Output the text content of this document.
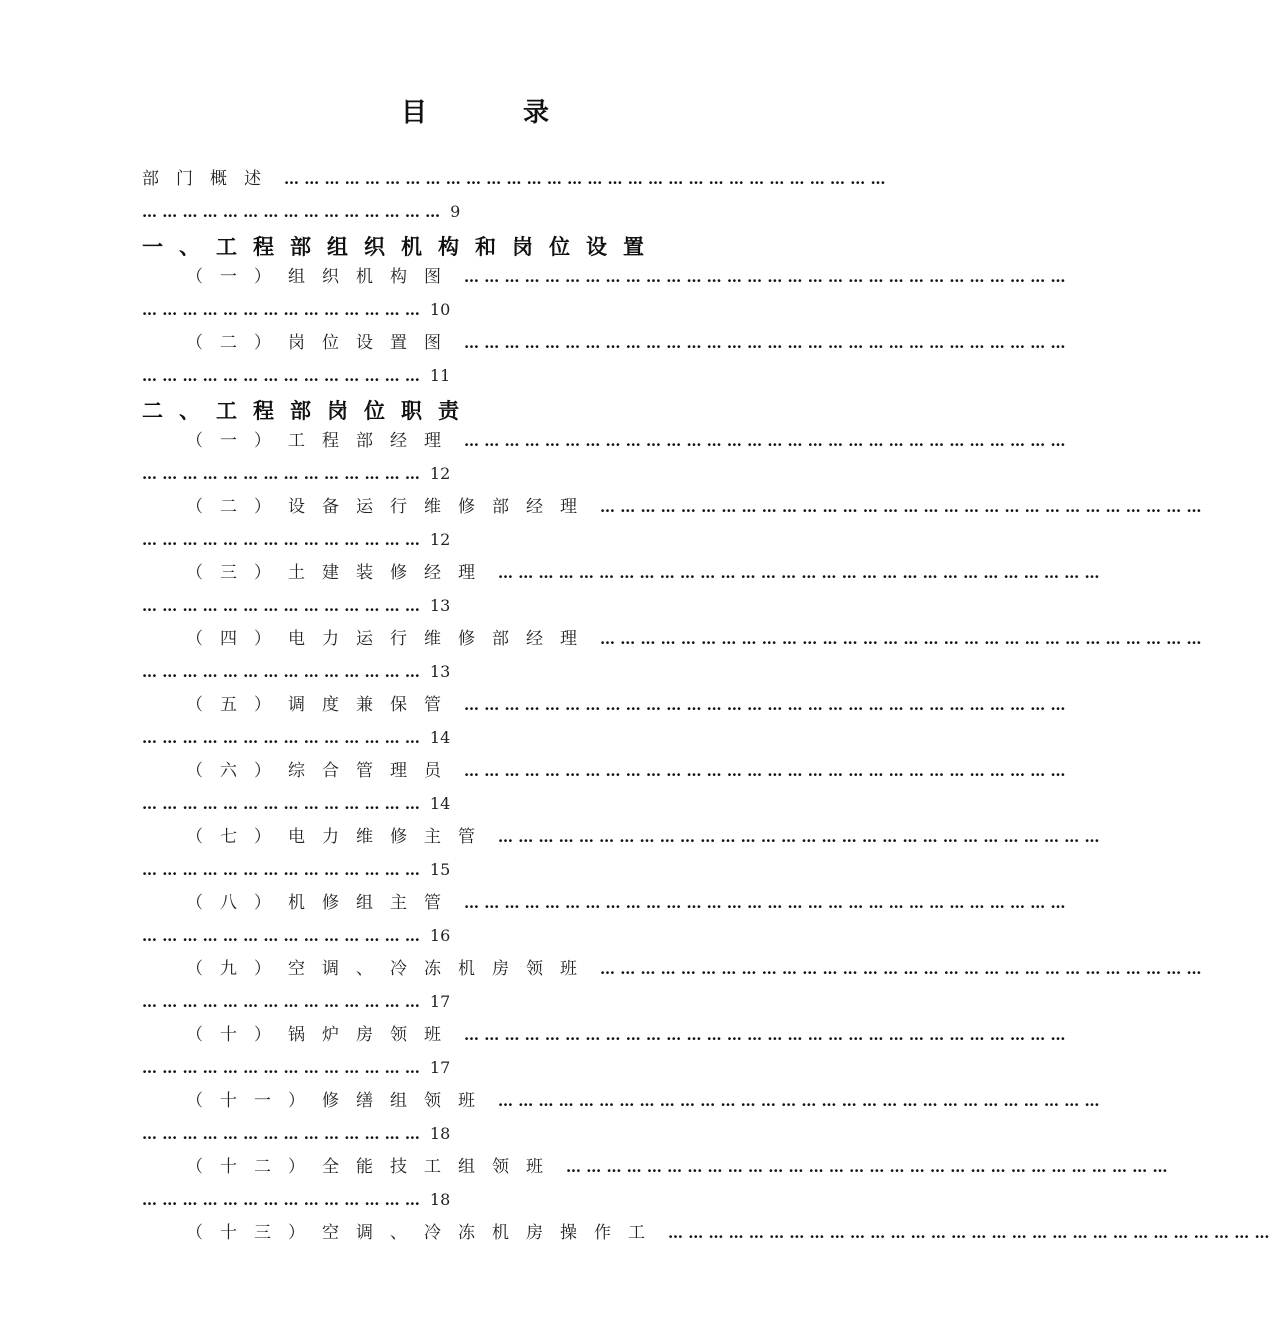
目	录
部门概述 … … … … … … … … … … … … … … … … … … … … … … … … … … … … … …
… … … … … … … … … … … … … … … 9
一、工程部组织机构和岗位设置
（一）组织机构图 … … … … … … … … … … … … … … … … … … … … … … … … … … … … … …
… … … … … … … … … … … … … … 10
（二）岗位设置图 … … … … … … … … … … … … … … … … … … … … … … … … … … … … … …
… … … … … … … … … … … … … … 11
二、工程部岗位职责
（一）工程部经理 … … … … … … … … … … … … … … … … … … … … … … … … … … … … … …
… … … … … … … … … … … … … … 12
（二）设备运行维修部经理 … … … … … … … … … … … … … … … … … … … … … … … … … … … … … …
… … … … … … … … … … … … … … 12
（三）土建装修经理 … … … … … … … … … … … … … … … … … … … … … … … … … … … … … …
… … … … … … … … … … … … … … 13
（四）电力运行维修部经理 … … … … … … … … … … … … … … … … … … … … … … … … … … … … … …
… … … … … … … … … … … … … … 13
（五）调度兼保管 … … … … … … … … … … … … … … … … … … … … … … … … … … … … … …
… … … … … … … … … … … … … … 14
（六）综合管理员 … … … … … … … … … … … … … … … … … … … … … … … … … … … … … …
… … … … … … … … … … … … … … 14
（七）电力维修主管 … … … … … … … … … … … … … … … … … … … … … … … … … … … … … …
… … … … … … … … … … … … … … 15
（八）机修组主管 … … … … … … … … … … … … … … … … … … … … … … … … … … … … … …
… … … … … … … … … … … … … … 16
（九）空调、冷冻机房领班 … … … … … … … … … … … … … … … … … … … … … … … … … … … … … …
… … … … … … … … … … … … … … 17
（十）锅炉房领班 … … … … … … … … … … … … … … … … … … … … … … … … … … … … … …
… … … … … … … … … … … … … … 17
（十一）修缮组领班 … … … … … … … … … … … … … … … … … … … … … … … … … … … … … …
… … … … … … … … … … … … … … 18
（十二）全能技工组领班 … … … … … … … … … … … … … … … … … … … … … … … … … … … … … …
… … … … … … … … … … … … … … 18
（十三）空调、冷冻机房操作工 … … … … … … … … … … … … … … … … … … … … … … … … … … … … … …
